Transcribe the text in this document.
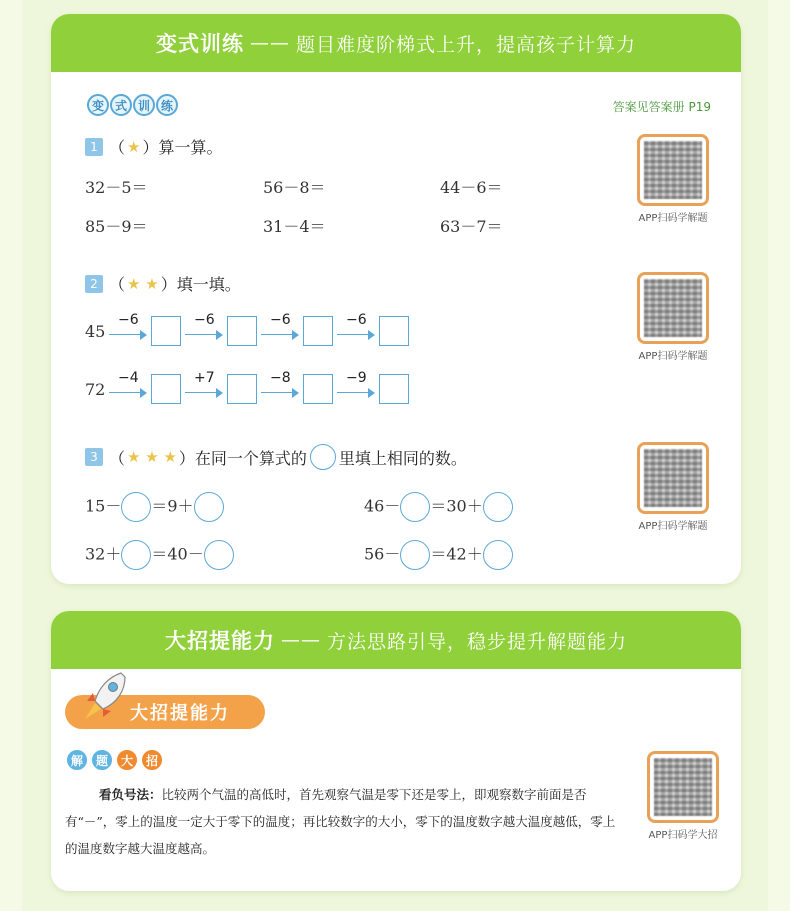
变式训练 —— 题目难度阶梯式上升，提高孩子计算力
变 式 训 练	答案见答案册 P19
1 （ ★ ）算一算。
32－5＝	56－8＝	44－6＝
85－9＝	31－4＝	63－7＝	APP扫码学解题
2 （ ★ ★ ）填一填。
45
−6	−6	−6	−6
72
−4	+7	−8	−9
APP扫码学解题
3 （ ★ ★ ★ ）在同一个算式的 里填上相同的数。
15－ ＝9＋	46－ ＝30＋
32＋ ＝40－	56－ ＝42＋
APP扫码学解题
大招提能力 —— 方法思路引导，稳步提升解题能力
大招提能力
解	题	大	招
看负号法：比较两个气温的高低时，首先观察气温是零下还是零上，即观察数字前面是否有“－”，零上的温度一定大于零下的温度；再比较数字的大小，零下的温度数字越大温度越低，零上的温度数字越大温度越高。
APP扫码学大招
